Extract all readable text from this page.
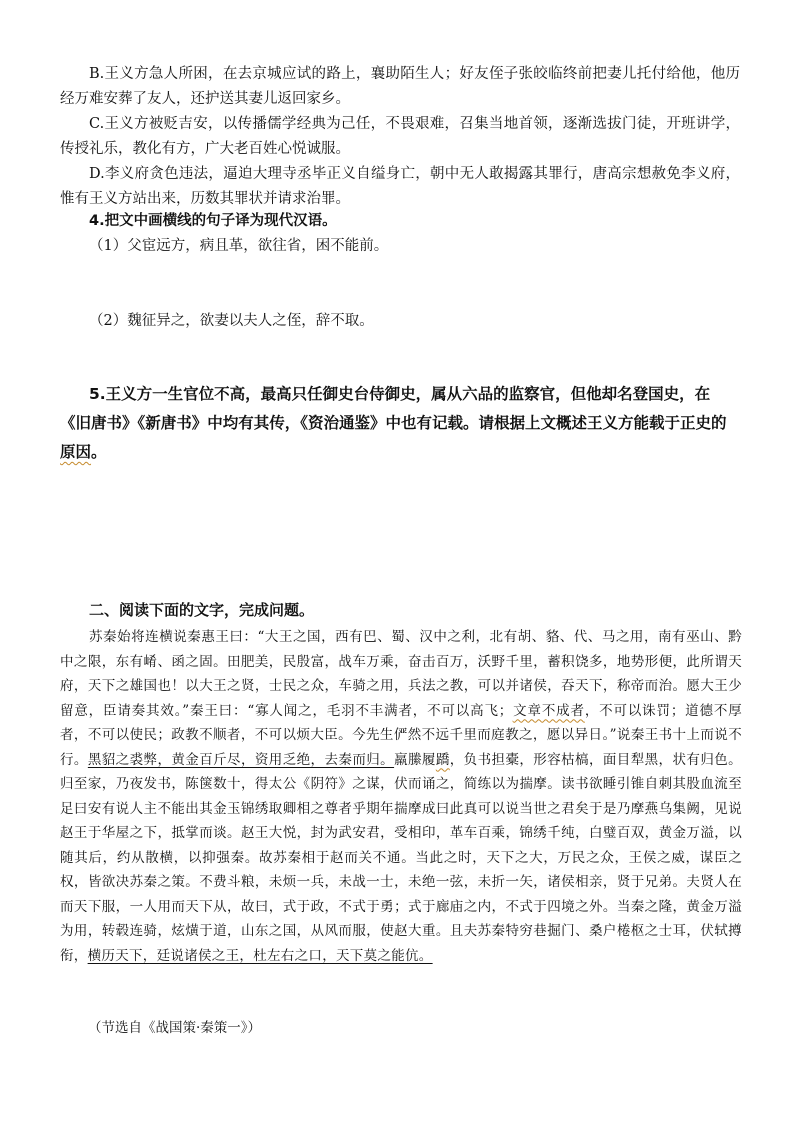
B.王义方急人所困，在去京城应试的路上，襄助陌生人；好友侄子张皎临终前把妻儿托付给他，他历经万难安葬了友人，还护送其妻儿返回家乡。

C.王义方被贬吉安，以传播儒学经典为己任，不畏艰难，召集当地首领，逐渐选拔门徒，开班讲学，传授礼乐，教化有方，广大老百姓心悦诚服。

D.李义府贪色违法，逼迫大理寺丞毕正义自缢身亡，朝中无人敢揭露其罪行，唐高宗想赦免李义府，惟有王义方站出来，历数其罪状并请求治罪。

4.把文中画横线的句子译为现代汉语。

（1）父宦远方，病且革，欲往省，困不能前。

（2）魏征异之，欲妻以夫人之侄，辞不取。

5.王义方一生官位不高，最高只任御史台侍御史，属从六品的监察官，但他却名登国史，在《旧唐书》《新唐书》中均有其传，《资治通鉴》中也有记载。请根据上文概述王义方能载于正史的原因。

二、阅读下面的文字，完成问题。

苏秦始将连横说秦惠王曰：“大王之国，西有巴、蜀、汉中之利，北有胡、貉、代、马之用，南有巫山、黔中之限，东有崤、函之固。田肥美，民殷富，战车万乘，奋击百万，沃野千里，蓄积饶多，地势形便，此所谓天府，天下之雄国也！以大王之贤，士民之众，车骑之用，兵法之教，可以并诸侯，吞天下，称帝而治。愿大王少留意，臣请奏其效。”秦王曰：“寡人闻之，毛羽不丰满者，不可以高飞；文章不成者，不可以诛罚；道德不厚者，不可以使民；政教不顺者，不可以烦大臣。今先生俨然不远千里而庭教之，愿以异日。”说秦王书十上而说不行。黑貂之裘弊，黄金百斤尽，资用乏绝，去秦而归。羸縢履蹻，负书担橐，形容枯槁，面目犁黑，状有归色。归至家，乃夜发书，陈箧数十，得太公《阴符》之谋，伏而诵之，简练以为揣摩。读书欲睡引锥自刺其股血流至足曰安有说人主不能出其金玉锦绣取卿相之尊者乎期年揣摩成曰此真可以说当世之君矣于是乃摩燕乌集阙，见说赵王于华屋之下，抵掌而谈。赵王大悦，封为武安君，受相印，革车百乘，锦绣千纯，白璧百双，黄金万溢，以随其后，约从散横，以抑强秦。故苏秦相于赵而关不通。当此之时，天下之大，万民之众，王侯之威，谋臣之权，皆欲决苏秦之策。不费斗粮，未烦一兵，未战一士，未绝一弦，未折一矢，诸侯相亲，贤于兄弟。夫贤人在而天下服，一人用而天下从，故曰，式于政，不式于勇；式于廊庙之内，不式于四境之外。当秦之隆，黄金万溢为用，转毂连骑，炫熿于道，山东之国，从风而服，使赵大重。且夫苏秦特穷巷掘门、桑户棬枢之士耳，伏轼撙衔，横历天下，廷说诸侯之王，杜左右之口，天下莫之能伉。

（节选自《战国策·秦策一》）
